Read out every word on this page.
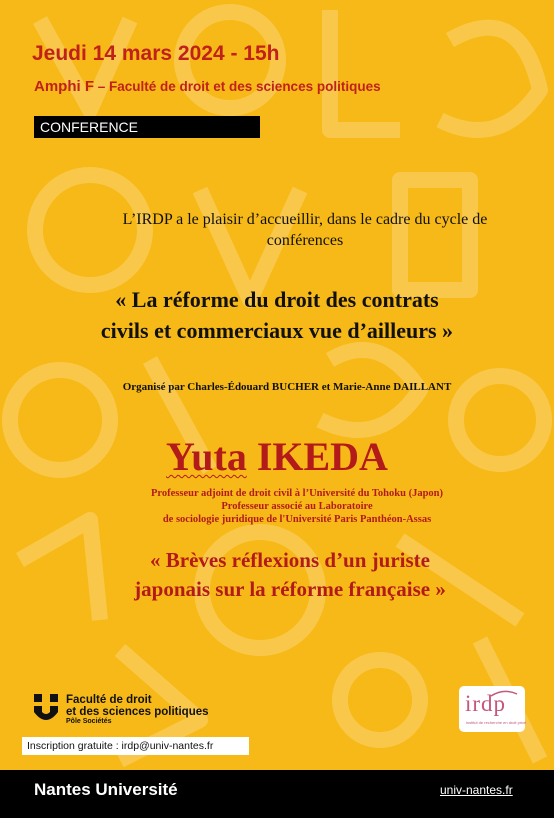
Jeudi 14 mars 2024 - 15h
Amphi F – Faculté de droit et des sciences politiques
CONFERENCE
L’IRDP a le plaisir d’accueillir, dans le cadre du cycle de
conférences
« La réforme du droit des contrats
civils et commerciaux vue d’ailleurs »
Organisé par Charles-Édouard BUCHER et Marie-Anne DAILLANT
Yuta IKEDA
Professeur adjoint de droit civil à l’Université du Tohoku (Japon)
Professeur associé au Laboratoire
de sociologie juridique de l'Université Paris Panthéon-Assas
« Brèves réflexions d’un juriste
japonais sur la réforme française »
Faculté de droit
et des sciences politiques
Pôle Sociétés
irdp
institut de recherche en droit privé
Inscription gratuite : irdp@univ-nantes.fr
Nantes Université	univ-nantes.fr
